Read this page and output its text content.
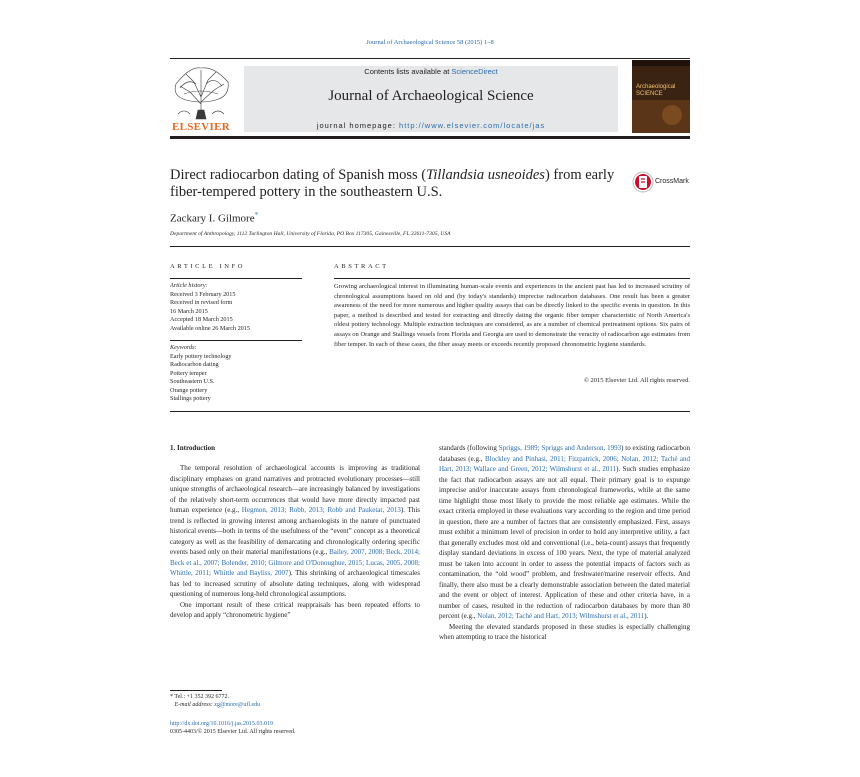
Journal of Archaeological Science 58 (2015) 1–8
ELSEVIER
Contents lists available at ScienceDirect
Journal of Archaeological Science
journal homepage: http://www.elsevier.com/locate/jas
Archaeological SCIENCE
Direct radiocarbon dating of Spanish moss (Tillandsia usneoides) from early fiber-tempered pottery in the southeastern U.S.
CrossMark
Zackary I. Gilmore*
Department of Anthropology, 1112 Turlington Hall, University of Florida, PO Box 117305, Gainesville, FL 32611-7305, USA
ARTICLE INFO
Article history:
Received 3 February 2015
Received in revised form
16 March 2015
Accepted 18 March 2015
Available online 26 March 2015
Keywords:
Early pottery technology
Radiocarbon dating
Pottery temper
Southeastern U.S.
Orange pottery
Stallings pottery
ABSTRACT
Growing archaeological interest in illuminating human-scale events and experiences in the ancient past has led to increased scrutiny of chronological assumptions based on old and (by today's standards) imprecise radiocarbon databases. One result has been a greater awareness of the need for more numerous and higher quality assays that can be directly linked to the specific events in question. In this paper, a method is described and tested for extracting and directly dating the organic fiber temper characteristic of North America's oldest pottery technology. Multiple extraction techniques are considered, as are a number of chemical pretreatment options. Six pairs of assays on Orange and Stallings vessels from Florida and Georgia are used to demonstrate the veracity of radiocarbon age estimates from fiber temper. In each of these cases, the fiber assay meets or exceeds recently proposed chronometric hygiene standards.
© 2015 Elsevier Ltd. All rights reserved.
1. Introduction

The temporal resolution of archaeological accounts is improving as traditional disciplinary emphases on grand narratives and protracted evolutionary processes—still unique strengths of archaeological research—are increasingly balanced by investigations of the relatively short-term occurrences that would have more directly impacted past human experience (e.g., Hegmon, 2013; Robb, 2013; Robb and Pauketat, 2013). This trend is reflected in growing interest among archaeologists in the nature of punctuated historical events—both in terms of the usefulness of the “event” concept as a theoretical category as well as the feasibility of demarcating and chronologically ordering specific events based only on their material manifestations (e.g., Bailey, 2007, 2008; Beck, 2014; Beck et al., 2007; Bolender, 2010; Gilmore and O'Donoughue, 2015; Lucas, 2005, 2008; Whittle, 2011; Whittle and Bayliss, 2007). This shrinking of archaeological timescales has led to increased scrutiny of absolute dating techniques, along with widespread questioning of numerous long-held chronological assumptions.

One important result of these critical reappraisals has been repeated efforts to develop and apply “chronometric hygiene”

standards (following Spriggs, 1989; Spriggs and Anderson, 1993) to existing radiocarbon databases (e.g., Blockley and Pinhasi, 2011; Fitzpatrick, 2006; Nolan, 2012; Taché and Hart, 2013; Wallace and Green, 2012; Wilmshurst et al., 2011). Such studies emphasize the fact that radiocarbon assays are not all equal. Their primary goal is to expunge imprecise and/or inaccurate assays from chronological frameworks, while at the same time highlight those most likely to provide the most reliable age estimates. While the exact criteria employed in these evaluations vary according to the region and time period in question, there are a number of factors that are consistently emphasized. First, assays must exhibit a minimum level of precision in order to hold any interpretive utility, a fact that generally excludes most old and conventional (i.e., beta-count) assays that frequently display standard deviations in excess of 100 years. Next, the type of material analyzed must be taken into account in order to assess the potential impacts of factors such as contamination, the “old wood” problem, and freshwater/marine reservoir effects. And finally, there also must be a clearly demonstrable association between the dated material and the event or object of interest. Application of these and other criteria have, in a number of cases, resulted in the reduction of radiocarbon databases by more than 80 percent (e.g., Nolan, 2012; Taché and Hart, 2013; Wilmshurst et al., 2011).

Meeting the elevated standards proposed in these studies is especially challenging when attempting to trace the historical

* Tel.: +1 352 392 6772.
E-mail address: zg@more@ufl.edu
http://dx.doi.org/10.1016/j.jas.2015.03.019
0305-4403/© 2015 Elsevier Ltd. All rights reserved.
